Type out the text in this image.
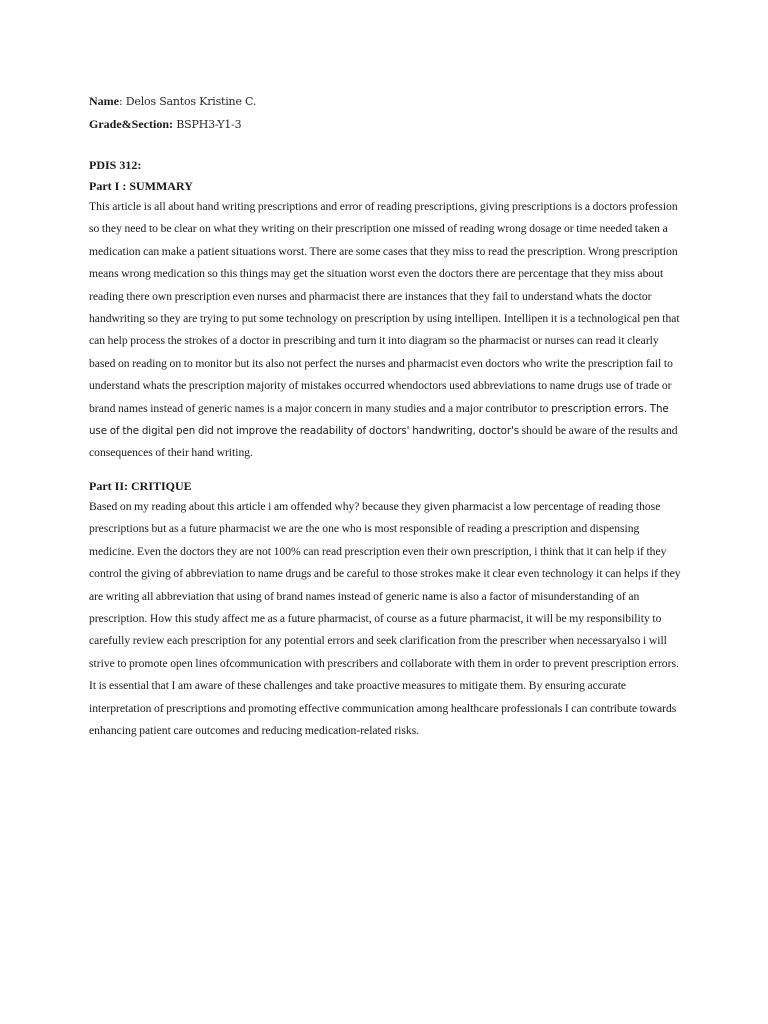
Name: Delos Santos Kristine C.

Grade&Section: BSPH3-Y1-3

PDIS 312:

Part I : SUMMARY

This article is all about hand writing prescriptions and error of reading prescriptions, giving prescriptions is a doctors profession so they need to be clear on what they writing on their prescription one missed of reading wrong dosage or time needed taken a medication can make a patient situations worst. There are some cases that they miss to read the prescription. Wrong prescription means wrong medication so this things may get the situation worst even the doctors there are percentage that they miss about reading there own prescription even nurses and pharmacist there are instances that they fail to understand whats the doctor handwriting so they are trying to put some technology on prescription by using intellipen. Intellipen it is a technological pen that can help process the strokes of a doctor in prescribing and turn it into diagram so the pharmacist or nurses can read it clearly based on reading on to monitor but its also not perfect the nurses and pharmacist even doctors who write the prescription fail to understand whats the prescription majority of mistakes occurred whendoctors used abbreviations to name drugs use of trade or brand names instead of generic names is a major concern in many studies and a major contributor to prescription errors. The use of the digital pen did not improve the readability of doctors' handwriting, doctor's should be aware of the results and consequences of their hand writing.

Part II: CRITIQUE

Based on my reading about this article i am offended why? because they given pharmacist a low percentage of reading those prescriptions but as a future pharmacist we are the one who is most responsible of reading a prescription and dispensing medicine. Even the doctors they are not 100% can read prescription even their own prescription, i think that it can help if they control the giving of abbreviation to name drugs and be careful to those strokes make it clear even technology it can helps if they are writing all abbreviation that using of brand names instead of generic name is also a factor of misunderstanding of an prescription. How this study affect me as a future pharmacist, of course as a future pharmacist, it will be my responsibility to carefully review each prescription for any potential errors and seek clarification from the prescriber when necessaryalso i will strive to promote open lines ofcommunication with prescribers and collaborate with them in order to prevent prescription errors. It is essential that I am aware of these challenges and take proactive measures to mitigate them. By ensuring accurate interpretation of prescriptions and promoting effective communication among healthcare professionals I can contribute towards enhancing patient care outcomes and reducing medication-related risks.
